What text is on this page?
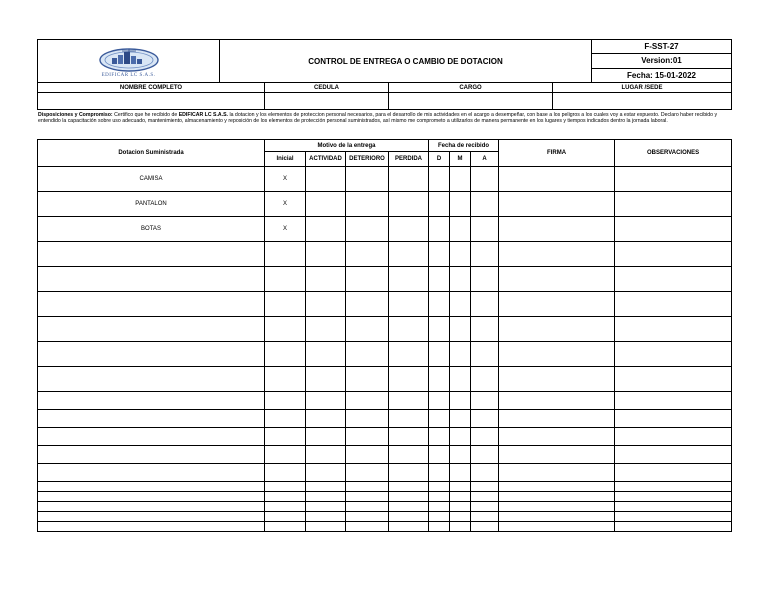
EDIFICAR LC S.A.S.
	CONTROL DE ENTREGA O CAMBIO DE DOTACION	F-SST-27
Version:01
Fecha: 15-01-2022
NOMBRE COMPLETO	CEDULA	CARGO	LUGAR /SEDE

Disposiciones y Compromiso: Certifico que he recibido de EDIFICAR LC S.A.S. la dotacion y los elementos de proteccion personal necesarios, para el desarrollo de mis actividades en el acargo a desempeñar, con base a los peligros a los cuales voy a estar expuesto. Declaro haber recibido y entendido la capacitación sobre uso adecuado, mantenimiento, almacenamiento y reposición de los elementos de protección personal suministrados, así mismo me comprometo a utilizarlos de manera permanente en los lugares y tiempos indicados dentro la jornada laboral.
Dotacion Suministrada	Motivo de la entrega				Fecha de recibido			FIRMA	OBSERVACIONES
	Inicial	ACTIVIDAD	DETERIORO	PERDIDA	D	M	A		
CAMISA	X								
PANTALON	X								
BOTAS	X								
